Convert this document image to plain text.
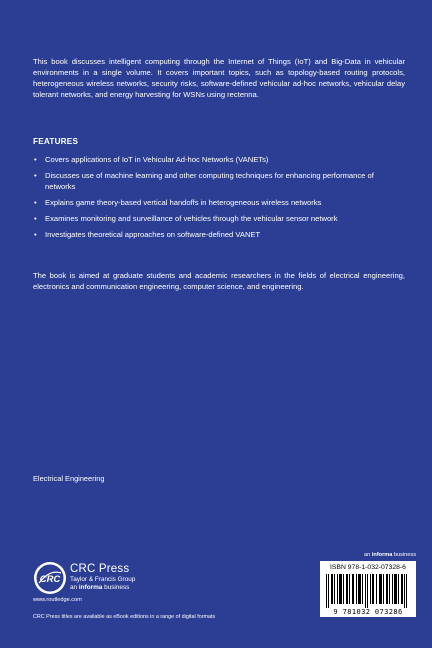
This book discusses intelligent computing through the Internet of Things (IoT) and Big-Data in vehicular environments in a single volume. It covers important topics, such as topology-based routing protocols, heterogeneous wireless networks, security risks, software-defined vehicular ad-hoc networks, vehicular delay tolerant networks, and energy harvesting for WSNs using rectenna.

FEATURES
• Covers applications of IoT in Vehicular Ad-hoc Networks (VANETs)
• Discusses use of machine learning and other computing techniques for enhancing performance of networks
• Explains game theory-based vertical handoffs in heterogeneous wireless networks
• Examines monitoring and surveillance of vehicles through the vehicular sensor network
• Investigates theoretical approaches on software-defined VANET

The book is aimed at graduate students and academic researchers in the fields of electrical engineering, electronics and communication engineering, computer science, and engineering.

Electrical Engineering

CRC
CRC Press
Taylor & Francis Group
an informa business

www.routledge.com

CRC Press titles are available as eBook editions in a range of digital formats

an informa business

ISBN 978-1-032-07328-6

9 781032 073286
